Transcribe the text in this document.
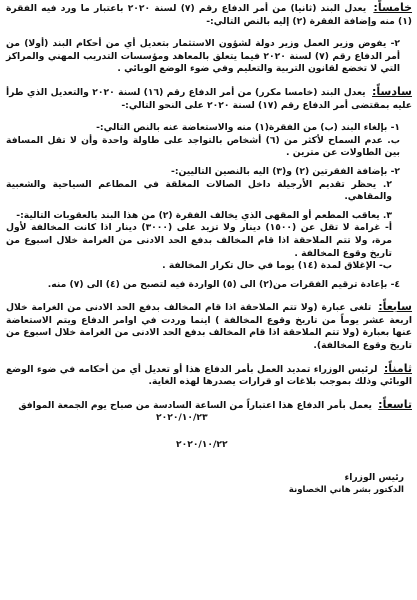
خامساً: يعدل البند (ثانيا) من أمر الدفاع رقم (٧) لسنة ٢٠٢٠ باعتبار ما ورد فيه الفقرة (١) منه وإضافة الفقرة (٢) إليه بالنص التالي:-

٢- يفوض وزير العمل وزير دولة لشؤون الاستثمار بتعديل أي من أحكام البند (أولا) من أمر الدفاع رقم (٧) لسنة ٢٠٢٠ فيما يتعلق بالمعاهد ومؤسسات التدريب المهني والمراكز التي لا تخضع لقانون التربية والتعليم وفي ضوء الوضع الوبائي .

سادساً: يعدل البند (خامسا مكرر) من أمر الدفاع رقم (١٦) لسنة ٢٠٢٠ والتعديل الذي طرأ عليه بمقتضى أمر الدفاع رقم (١٧) لسنة ٢٠٢٠ على النحو التالي:-

١- بإلغاء البند (ب) من الفقرة(١) منه والاستعاضة عنه بالنص التالي:-

ب. عدم السماح لأكثر من (٦) أشخاص بالتواجد على طاولة واحدة وأن لا تقل المسافة بين الطاولات عن مترين .

٢- بإضافة الفقرتين (٢) و(٣) اليه بالنصين التاليين:-

٢. يحظر تقديم الأرجيلة داخل الصالات المغلقة في المطاعم السياحية والشعبية والمقاهي.

٣. يعاقب المطعم أو المقهى الذي يخالف الفقرة (٢) من هذا البند بالعقوبات التالية:-

أ- غرامة لا تقل عن (١٥٠٠) دينار ولا تزيد على (٣٠٠٠) دينار اذا كانت المخالفة لأول مرة، ولا تتم الملاحقة اذا قام المخالف بدفع الحد الادنى من الغرامة خلال اسبوع من تاريخ وقوع المخالفة .

ب- الإغلاق لمدة (١٤) يوما في حال تكرار المخالفة .

٤- بإعادة ترقيم الفقرات من(٢) الى (٥) الواردة فيه لتصبح من (٤) الى (٧) منه.

سابعاً: تلغى عبارة (ولا تتم الملاحقة اذا قام المخالف بدفع الحد الادنى من الغرامة خلال اربعة عشر يوماً من تاريخ وقوع المخالفة ) اينما وردت في اوامر الدفاع ويتم الاستعاضة عنها بعبارة (ولا تتم الملاحقة اذا قام المخالف بدفع الحد الادنى من الغرامة خلال اسبوع من تاريخ وقوع المخالفة).

ثامناً: لرئيس الوزراء تمديد العمل بأمر الدفاع هذا أو تعديل أي من أحكامه في ضوء الوضع الوبائي وذلك بموجب بلاغات او قرارات يصدرها لهذه الغاية.

تاسعاً: يعمل بأمر الدفاع هذا اعتباراً من الساعة السادسة من صباح يوم الجمعة الموافق

٢٠٢٠/١٠/٢٣

٢٠٢٠/١٠/٢٢

رئيس الوزراء
الدكتور بشر هاني الخصاونة
